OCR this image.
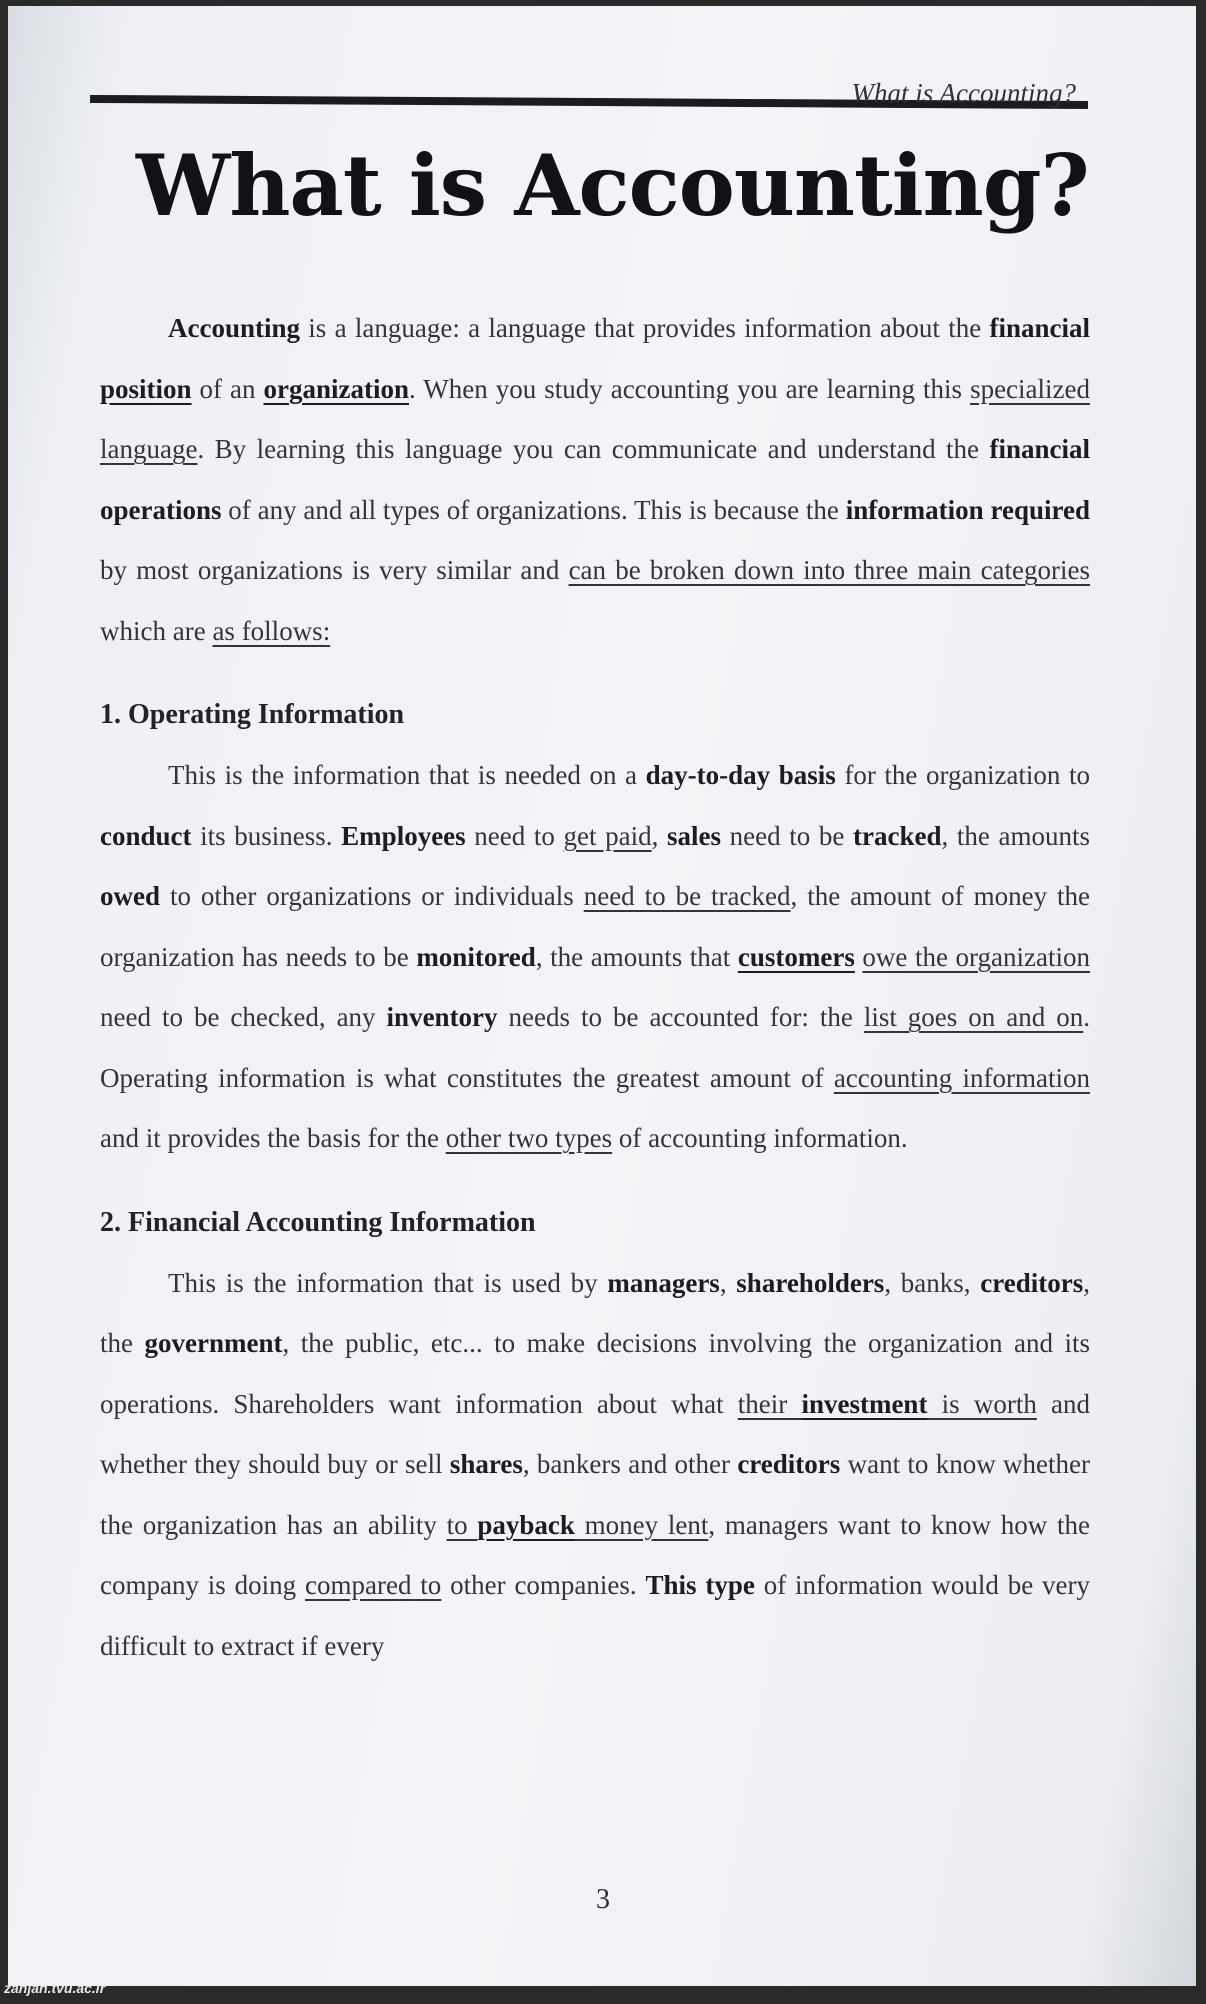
What is Accounting?
What is Accounting?

Accounting is a language: a language that provides information about the financial position of an organization. When you study accounting you are learning this specialized language. By learning this language you can communicate and understand the financial operations of any and all types of organizations. This is because the information required by most organizations is very similar and can be broken down into three main categories which are as follows:

1. Operating Information

This is the information that is needed on a day-to-day basis for the organization to conduct its business. Employees need to get paid, sales need to be tracked, the amounts owed to other organizations or individuals need to be tracked, the amount of money the organization has needs to be monitored, the amounts that customers owe the organization need to be checked, any inventory needs to be accounted for: the list goes on and on. Operating information is what constitutes the greatest amount of accounting information and it provides the basis for the other two types of accounting information.

2. Financial Accounting Information

This is the information that is used by managers, shareholders, banks, creditors, the government, the public, etc... to make decisions involving the organization and its operations. Shareholders want information about what their investment is worth and whether they should buy or sell shares, bankers and other creditors want to know whether the organization has an ability to payback money lent, managers want to know how the company is doing compared to other companies. This type of information would be very difficult to extract if every

3
zanjan.tvu.ac.ir
